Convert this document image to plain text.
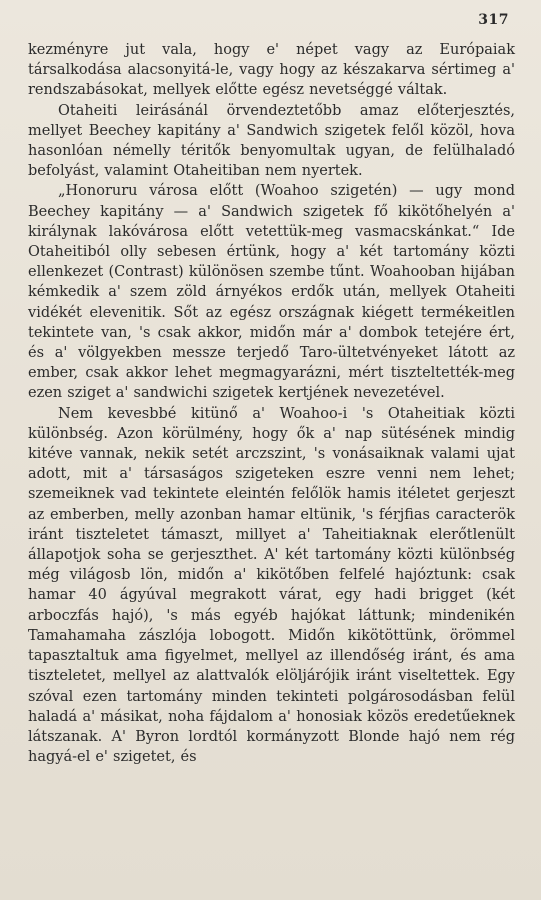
317

kezményre jut vala, hogy e' népet vagy az Európaiak társalkodása alacsonyitá-le, vagy hogy az készakarva sértimeg a' rendszabásokat, mellyek előtte egész nevetséggé váltak.

Otaheiti leirásánál örvendeztetőbb amaz előterjesztés, mellyet Beechey kapitány a' Sandwich szigetek felől közöl, hova hasonlóan némelly téritők benyomultak ugyan, de felülhaladó befolyást, valamint Otaheitiban nem nyertek.

„Honoruru városa előtt (Woahoo szigetén) — ugy mond Beechey kapitány — a' Sandwich szigetek fő kikötőhelyén a' királynak lakóvárosa előtt vetettük-meg vasmacskánkat.“ Ide Otaheitiból olly sebesen értünk, hogy a' két tartomány közti ellenkezet (Contrast) különösen szembe tűnt. Woahooban hijában kémkedik a' szem zöld árnyékos erdők után, mellyek Otaheiti vidékét elevenitik. Sőt az egész országnak kiégett termékeitlen tekintete van, 's csak akkor, midőn már a' dombok tetejére ért, és a' völgyekben messze terjedő Taro-ültetvényeket látott az ember, csak akkor lehet megmagyarázni, mért tiszteltették-meg ezen sziget a' sandwichi szigetek kertjének nevezetével.

Nem kevesbbé kitünő a' Woahoo-i 's Otaheitiak közti különbség. Azon körülmény, hogy ők a' nap sütésének mindig kitéve vannak, nekik setét arczszint, 's vonásaiknak valami ujat adott, mit a' társaságos szigeteken eszre venni nem lehet; szemeiknek vad tekintete eleintén felőlök hamis itéletet gerjeszt az emberben, melly azonban hamar eltünik, 's férjfias caracterök iránt tiszteletet támaszt, millyet a' Taheitiaknak elerőtlenült állapotjok soha se gerjeszthet. A' két tartomány közti különbség még világosb lön, midőn a' kikötőben felfelé hajóztunk: csak hamar 40 ágyúval megrakott várat, egy hadi brigget (két arboczfás hajó), 's más egyéb hajókat láttunk; mindenikén Tamahamaha zászlója lobogott. Midőn kikötöttünk, örömmel tapasztaltuk ama figyelmet, mellyel az illendőség iránt, és ama tiszteletet, mellyel az alattvalók elöljárójik iránt viseltettek. Egy szóval ezen tartomány minden tekinteti polgárosodásban felül haladá a' másikat, noha fájdalom a' honosiak közös eredetűeknek látszanak. A' Byron lordtól kormányzott Blonde hajó nem rég hagyá-el e' szigetet, és
